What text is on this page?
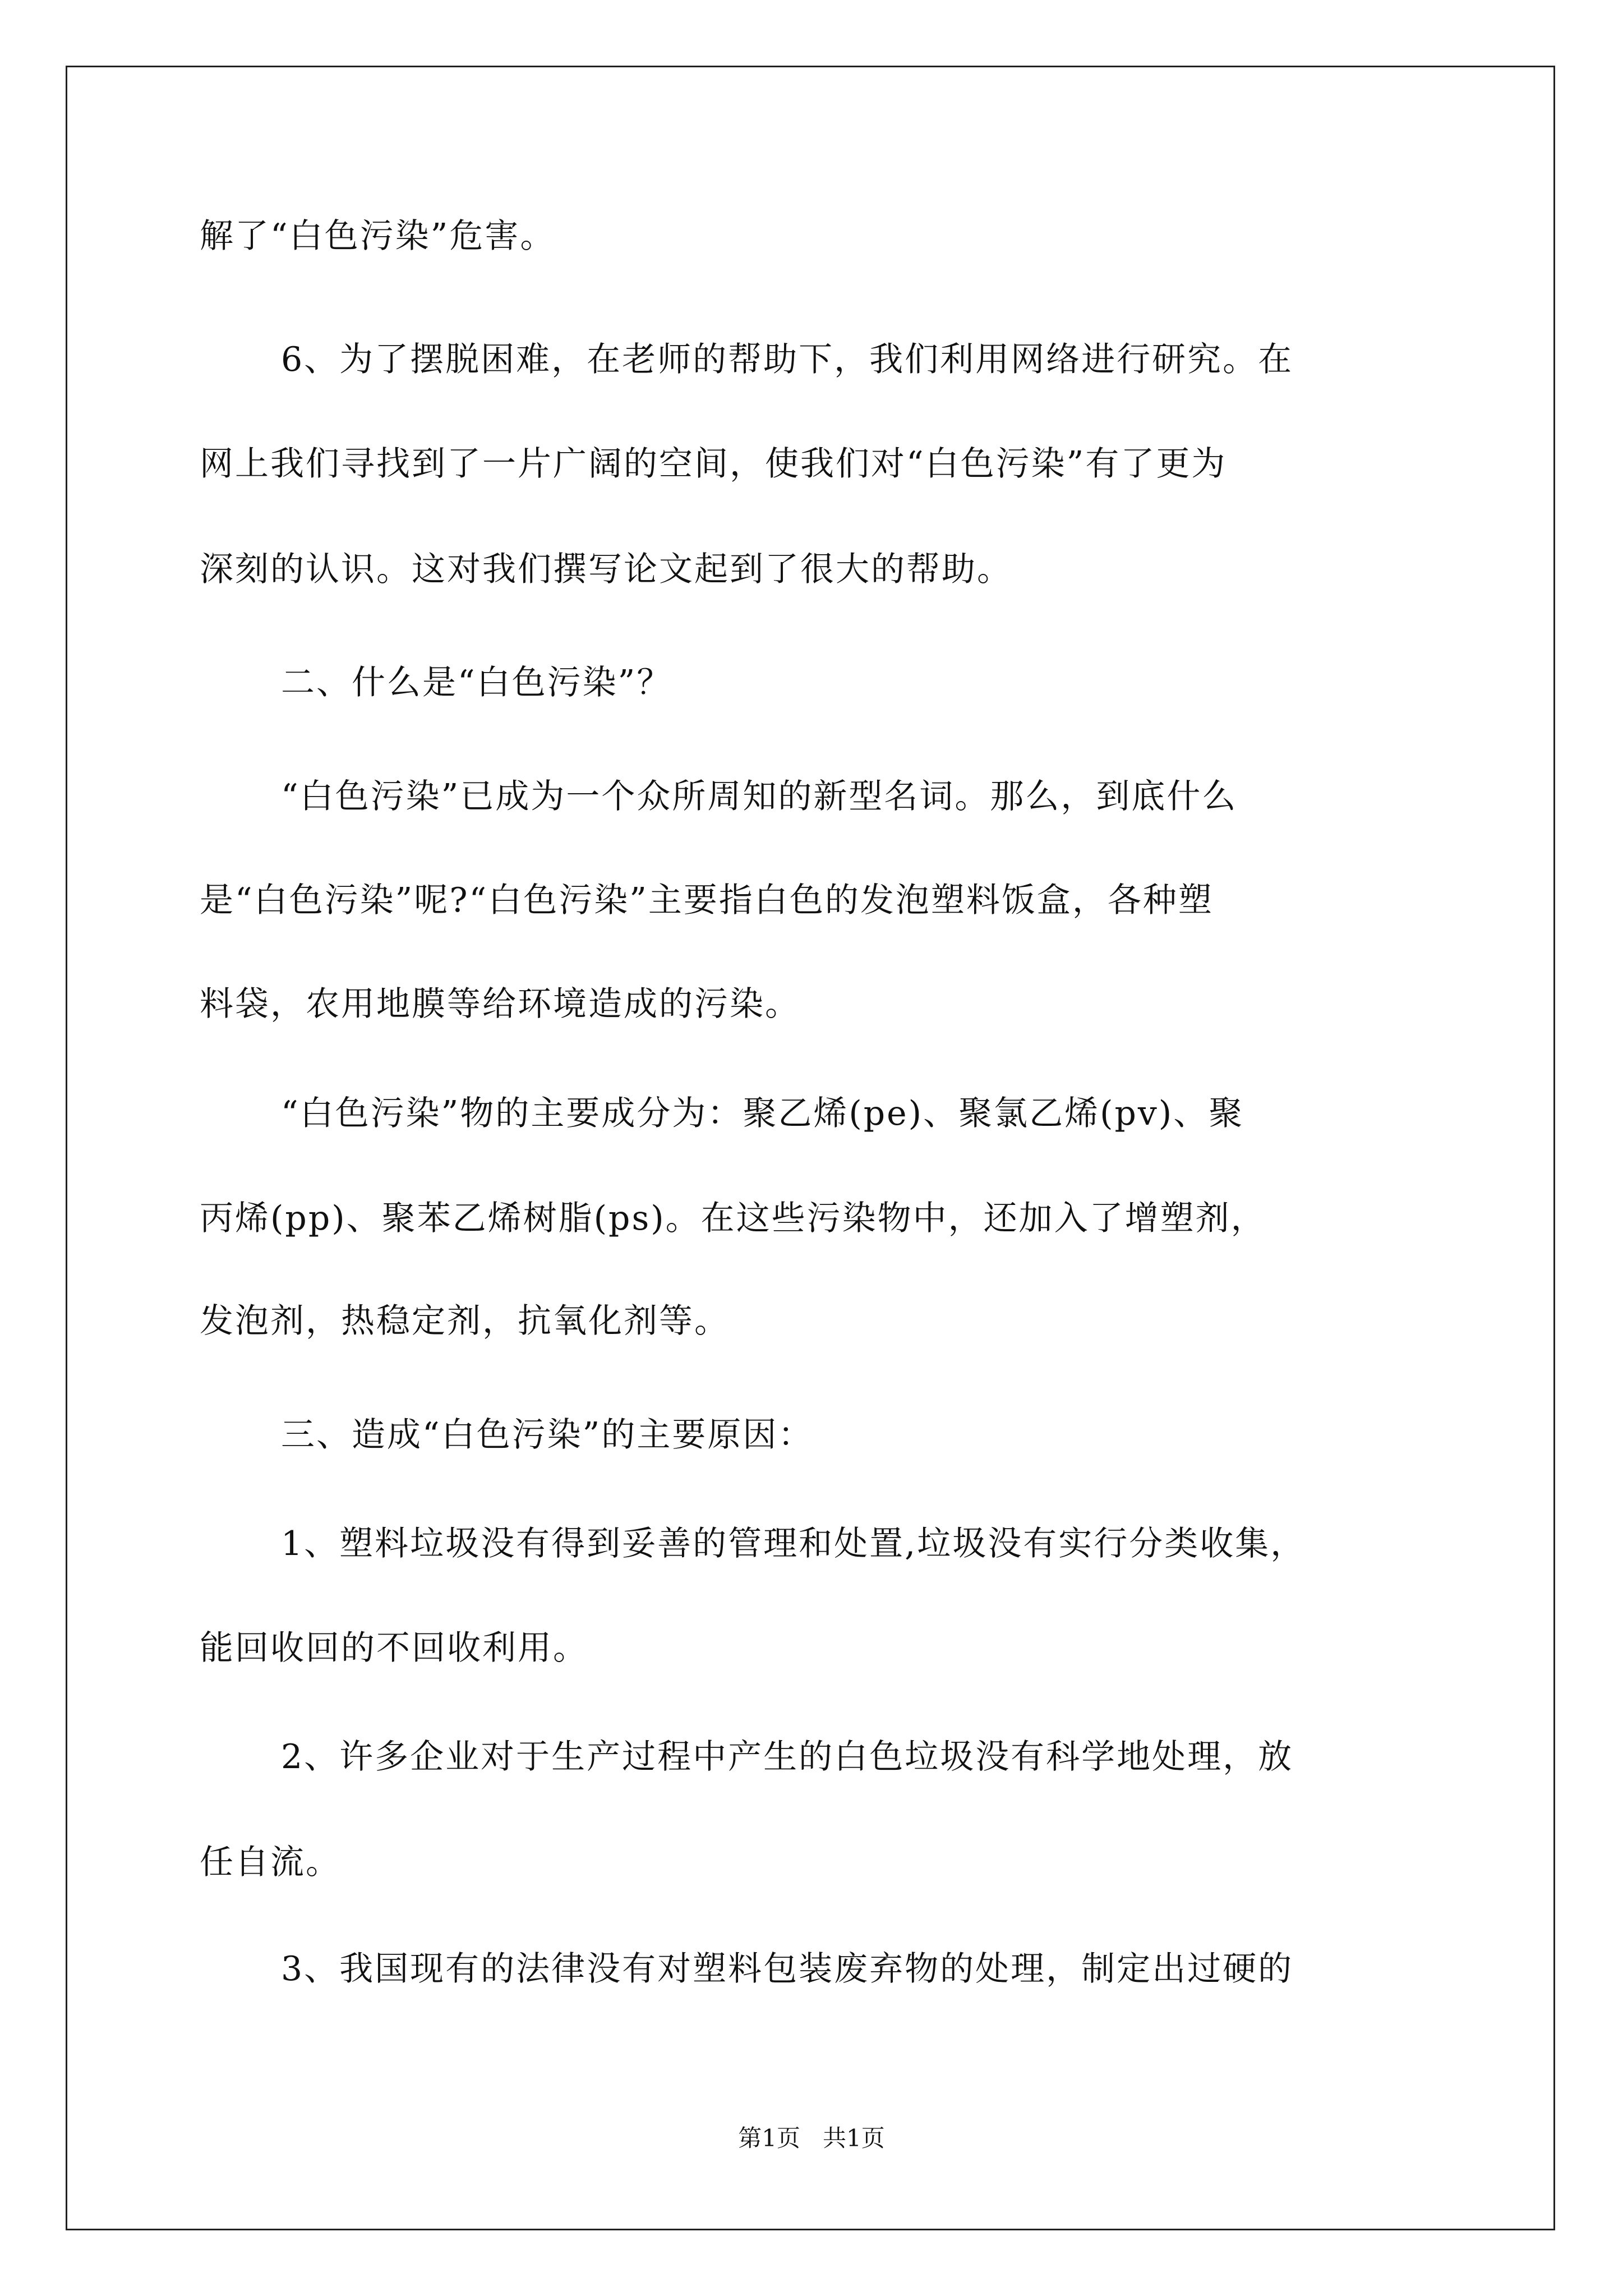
解了“白色污染”危害。
6、为了摆脱困难，在老师的帮助下，我们利用网络进行研究。在
网上我们寻找到了一片广阔的空间，使我们对“白色污染”有了更为
深刻的认识。这对我们撰写论文起到了很大的帮助。
二、什么是“白色污染”？
“白色污染”已成为一个众所周知的新型名词。那么，到底什么
是“白色污染”呢?“白色污染”主要指白色的发泡塑料饭盒，各种塑
料袋，农用地膜等给环境造成的污染。
“白色污染”物的主要成分为：聚乙烯(pe)、聚氯乙烯(pv)、聚
丙烯(pp)、聚苯乙烯树脂(ps)。在这些污染物中，还加入了增塑剂，
发泡剂，热稳定剂，抗氧化剂等。
三、造成“白色污染”的主要原因：
1、塑料垃圾没有得到妥善的管理和处置,垃圾没有实行分类收集，
能回收回的不回收利用。
2、许多企业对于生产过程中产生的白色垃圾没有科学地处理，放
任自流。
3、我国现有的法律没有对塑料包装废弃物的处理，制定出过硬的
第1页   共1页
